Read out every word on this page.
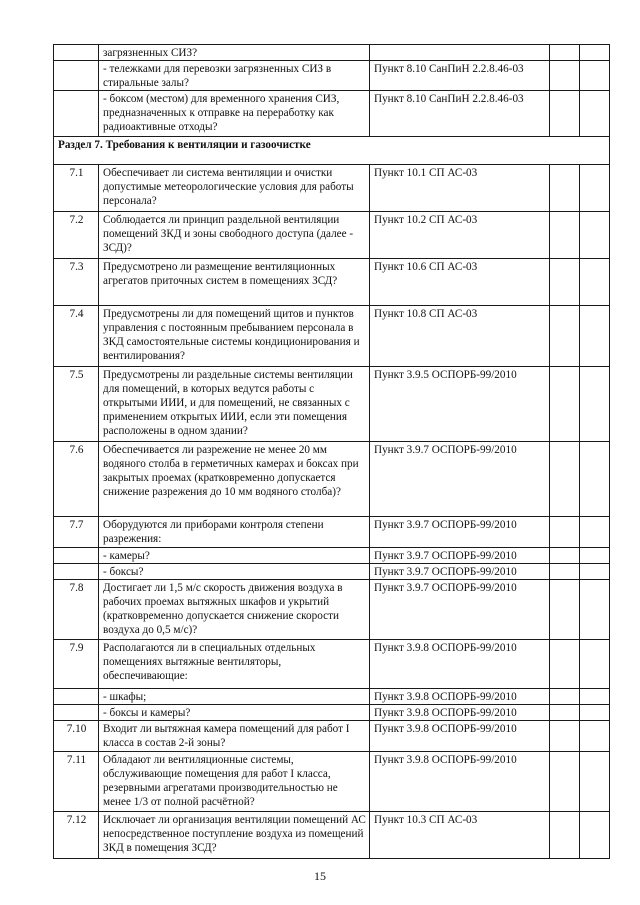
	загрязненных СИЗ?			
	- тележками для перевозки загрязненных СИЗ в стиральные залы?	Пункт 8.10 СанПиН 2.2.8.46-03		
	- боксом (местом) для временного хранения СИЗ, предназначенных к отправке на переработку как радиоактивные отходы?	Пункт 8.10 СанПиН 2.2.8.46-03		
Раздел 7. Требования к вентиляции и газоочистке				
7.1	Обеспечивает ли система вентиляции и очистки допустимые метеорологические условия для работы персонала?	Пункт 10.1 СП АС-03		
7.2	Соблюдается ли принцип раздельной вентиляции помещений ЗКД и зоны свободного доступа (далее - ЗСД)?	Пункт 10.2 СП АС-03		
7.3	Предусмотрено ли размещение вентиляционных агрегатов приточных систем в помещениях ЗСД?	Пункт 10.6 СП АС-03		
7.4	Предусмотрены ли для помещений щитов и пунктов управления с постоянным пребыванием персонала в ЗКД самостоятельные системы кондиционирования и вентилирования?	Пункт 10.8 СП АС-03		
7.5	Предусмотрены ли раздельные системы вентиляции для помещений, в которых ведутся работы с открытыми ИИИ, и для помещений, не связанных с применением открытых ИИИ, если эти помещения расположены в одном здании?	Пункт 3.9.5 ОСПОРБ-99/2010		
7.6	Обеспечивается ли разрежение не менее 20 мм водяного столба в герметичных камерах и боксах при закрытых проемах (кратковременно допускается снижение разрежения до 10 мм водяного столба)?	Пункт 3.9.7 ОСПОРБ-99/2010		
7.7	Оборудуются ли приборами контроля степени разрежения:	Пункт 3.9.7 ОСПОРБ-99/2010		
	- камеры?	Пункт 3.9.7 ОСПОРБ-99/2010		
	- боксы?	Пункт 3.9.7 ОСПОРБ-99/2010		
7.8	Достигает ли 1,5 м/с скорость движения воздуха в рабочих проемах вытяжных шкафов и укрытий (кратковременно допускается снижение скорости воздуха до 0,5 м/с)?	Пункт 3.9.7 ОСПОРБ-99/2010		
7.9	Располагаются ли в специальных отдельных помещениях вытяжные вентиляторы, обеспечивающие:	Пункт 3.9.8 ОСПОРБ-99/2010		
	- шкафы;	Пункт 3.9.8 ОСПОРБ-99/2010		
	- боксы и камеры?	Пункт 3.9.8 ОСПОРБ-99/2010		
7.10	Входит ли вытяжная камера помещений для работ I класса в состав 2-й зоны?	Пункт 3.9.8 ОСПОРБ-99/2010		
7.11	Обладают ли вентиляционные системы, обслуживающие помещения для работ I класса, резервными агрегатами производительностью не менее 1/3 от полной расчётной?	Пункт 3.9.8 ОСПОРБ-99/2010		
7.12	Исключает ли организация вентиляции помещений АС непосредственное поступление воздуха из помещений ЗКД в помещения ЗСД?	Пункт 10.3 СП АС-03		
15
